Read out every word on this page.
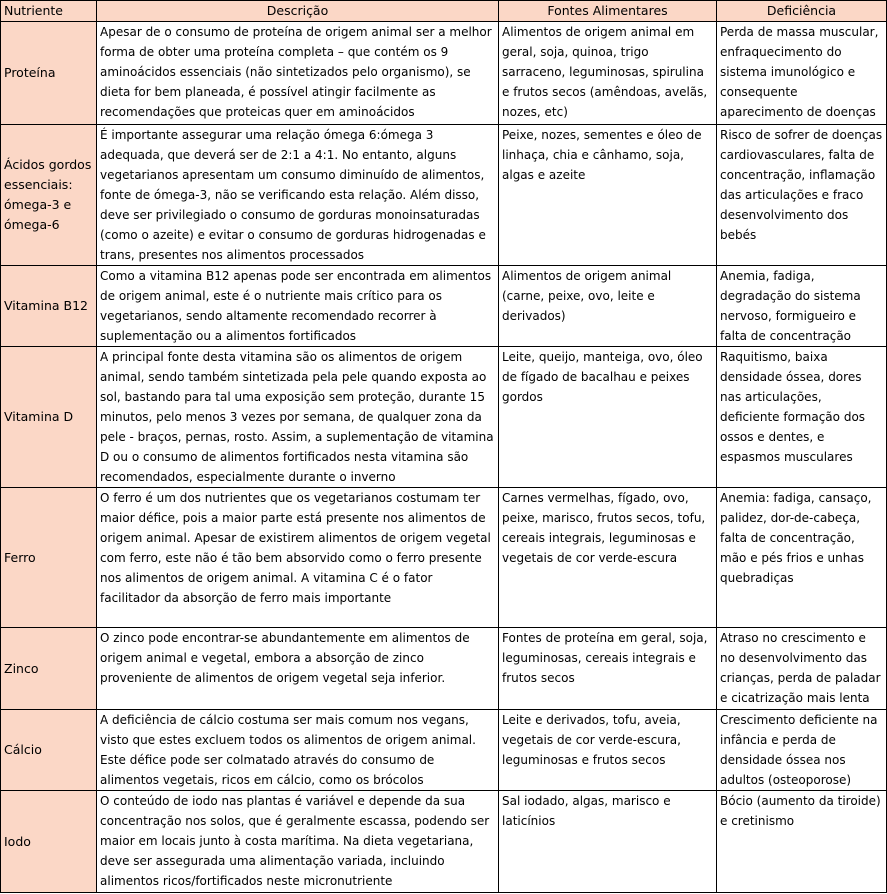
Nutriente	Descrição	Fontes Alimentares	Deficiência
Proteína	Apesar de o consumo de proteína de origem animal ser a melhor forma de obter uma proteína completa – que contém os 9 aminoácidos essenciais (não sintetizados pelo organismo), se dieta for bem planeada, é possível atingir facilmente as recomendações que proteicas quer em aminoácidos	Alimentos de origem animal em geral, soja, quinoa, trigo sarraceno, leguminosas, spirulina e frutos secos (amêndoas, avelãs, nozes, etc)	Perda de massa muscular, enfraquecimento do sistema imunológico e consequente aparecimento de doenças
Ácidos gordos essenciais: ómega-3 e ómega-6	É importante assegurar uma relação ómega 6:ómega 3 adequada, que deverá ser de 2:1 a 4:1. No entanto, alguns vegetarianos apresentam um consumo diminuído de alimentos, fonte de ómega-3, não se verificando esta relação. Além disso, deve ser privilegiado o consumo de gorduras monoinsaturadas (como o azeite) e evitar o consumo de gorduras hidrogenadas e trans, presentes nos alimentos processados	Peixe, nozes, sementes e óleo de linhaça, chia e cânhamo, soja, algas e azeite	Risco de sofrer de doenças cardiovasculares, falta de concentração, inflamação das articulações e fraco desenvolvimento dos bebés
Vitamina B12	Como a vitamina B12 apenas pode ser encontrada em alimentos de origem animal, este é o nutriente mais crítico para os vegetarianos, sendo altamente recomendado recorrer à suplementação ou a alimentos fortificados	Alimentos de origem animal (carne, peixe, ovo, leite e derivados)	Anemia, fadiga, degradação do sistema nervoso, formigueiro e falta de concentração
Vitamina D	A principal fonte desta vitamina são os alimentos de origem animal, sendo também sintetizada pela pele quando exposta ao sol, bastando para tal uma exposição sem proteção, durante 15 minutos, pelo menos 3 vezes por semana, de qualquer zona da pele - braços, pernas, rosto. Assim, a suplementação de vitamina D ou o consumo de alimentos fortificados nesta vitamina são recomendados, especialmente durante o inverno	Leite, queijo, manteiga, ovo, óleo de fígado de bacalhau e peixes gordos	Raquitismo, baixa densidade óssea, dores nas articulações, deficiente formação dos ossos e dentes, e espasmos musculares
Ferro	O ferro é um dos nutrientes que os vegetarianos costumam ter maior défice, pois a maior parte está presente nos alimentos de origem animal. Apesar de existirem alimentos de origem vegetal com ferro, este não é tão bem absorvido como o ferro presente nos alimentos de origem animal. A vitamina C é o fator facilitador da absorção de ferro mais importante	Carnes vermelhas, fígado, ovo, peixe, marisco, frutos secos, tofu, cereais integrais, leguminosas e vegetais de cor verde-escura	Anemia: fadiga, cansaço, palidez, dor-de-cabeça, falta de concentração, mão e pés frios e unhas quebradiças
Zinco	O zinco pode encontrar-se abundantemente em alimentos de origem animal e vegetal, embora a absorção de zinco proveniente de alimentos de origem vegetal seja inferior.	Fontes de proteína em geral, soja, leguminosas, cereais integrais e frutos secos	Atraso no crescimento e no desenvolvimento das crianças, perda de paladar e cicatrização mais lenta
Cálcio	A deficiência de cálcio costuma ser mais comum nos vegans, visto que estes excluem todos os alimentos de origem animal. Este défice pode ser colmatado através do consumo de alimentos vegetais, ricos em cálcio, como os brócolos	Leite e derivados, tofu, aveia, vegetais de cor verde-escura, leguminosas e frutos secos	Crescimento deficiente na infância e perda de densidade óssea nos adultos (osteoporose)
Iodo	O conteúdo de iodo nas plantas é variável e depende da sua concentração nos solos, que é geralmente escassa, podendo ser maior em locais junto à costa marítima. Na dieta vegetariana, deve ser assegurada uma alimentação variada, incluindo alimentos ricos/fortificados neste micronutriente	Sal iodado, algas, marisco e laticínios	Bócio (aumento da tiroide) e cretinismo
